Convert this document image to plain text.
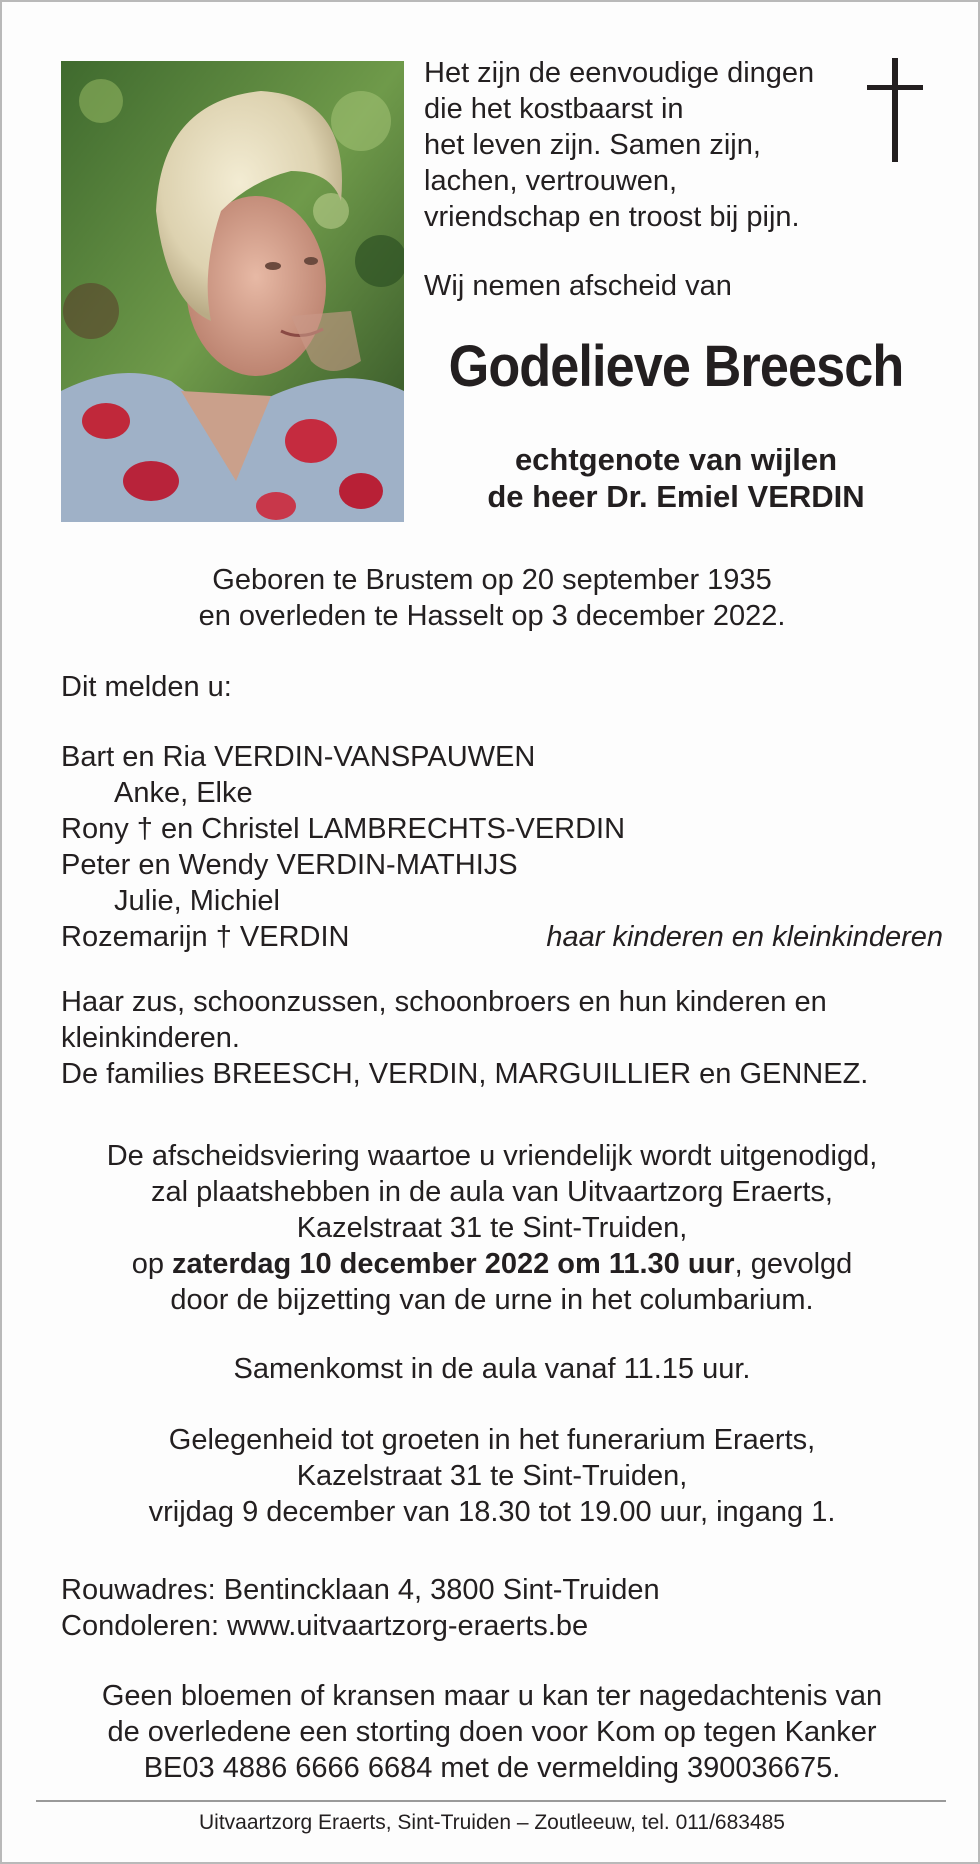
Het zijn de eenvoudige dingen
die het kostbaarst in
het leven zijn. Samen zijn,
lachen, vertrouwen,
vriendschap en troost bij pijn.
Wij nemen afscheid van
Godelieve Breesch
echtgenote van wijlen
de heer Dr. Emiel VERDIN
Geboren te Brustem op 20 september 1935
en overleden te Hasselt op 3 december 2022.
Dit melden u:
Bart en Ria VERDIN-VANSPAUWEN
Anke, Elke
Rony † en Christel LAMBRECHTS-VERDIN
Peter en Wendy VERDIN-MATHIJS
Julie, Michiel
Rozemarijn † VERDIN	haar kinderen en kleinkinderen
Haar zus, schoonzussen, schoonbroers en hun kinderen en
kleinkinderen.
De families BREESCH, VERDIN, MARGUILLIER en GENNEZ.
De afscheidsviering waartoe u vriendelijk wordt uitgenodigd,
zal plaatshebben in de aula van Uitvaartzorg Eraerts,
Kazelstraat 31 te Sint-Truiden,
op zaterdag 10 december 2022 om 11.30 uur, gevolgd
door de bijzetting van de urne in het columbarium.
Samenkomst in de aula vanaf 11.15 uur.
Gelegenheid tot groeten in het funerarium Eraerts,
Kazelstraat 31 te Sint-Truiden,
vrijdag 9 december van 18.30 tot 19.00 uur, ingang 1.
Rouwadres: Bentincklaan 4, 3800 Sint-Truiden
Condoleren: www.uitvaartzorg-eraerts.be
Geen bloemen of kransen maar u kan ter nagedachtenis van
de overledene een storting doen voor Kom op tegen Kanker
BE03 4886 6666 6684 met de vermelding 390036675.
Uitvaartzorg Eraerts, Sint-Truiden – Zoutleeuw, tel. 011/683485
